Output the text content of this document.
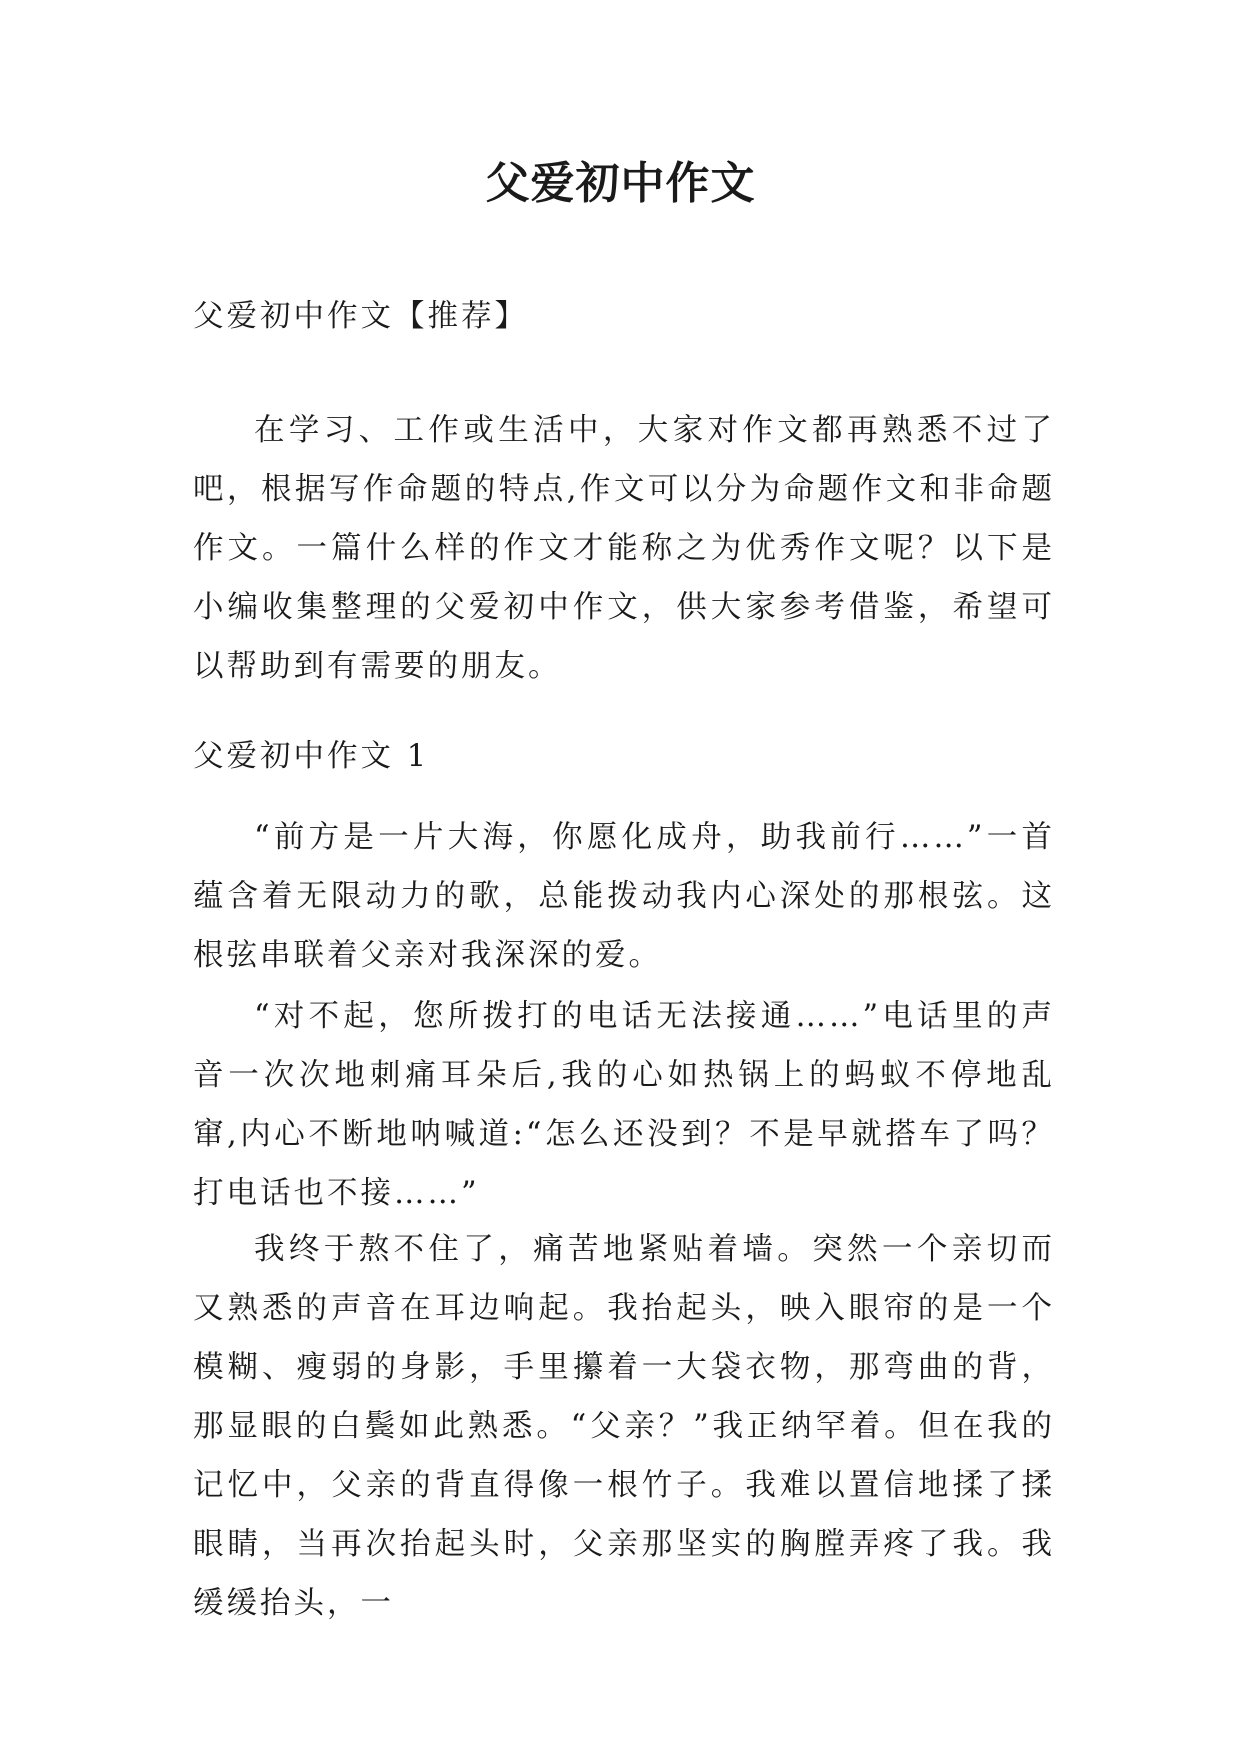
父爱初中作文

父爱初中作文【推荐】

在学习、工作或生活中，大家对作文都再熟悉不过了吧，根据写作命题的特点,作文可以分为命题作文和非命题作文。一篇什么样的作文才能称之为优秀作文呢？以下是小编收集整理的父爱初中作文，供大家参考借鉴，希望可以帮助到有需要的朋友。

父爱初中作文 1

“前方是一片大海，你愿化成舟，助我前行……”一首蕴含着无限动力的歌，总能拨动我内心深处的那根弦。这根弦串联着父亲对我深深的爱。

“对不起，您所拨打的电话无法接通……”电话里的声音一次次地刺痛耳朵后,我的心如热锅上的蚂蚁不停地乱窜,内心不断地呐喊道:“怎么还没到？不是早就搭车了吗？打电话也不接……”

我终于熬不住了，痛苦地紧贴着墙。突然一个亲切而又熟悉的声音在耳边响起。我抬起头，映入眼帘的是一个模糊、瘦弱的身影，手里攥着一大袋衣物，那弯曲的背，那显眼的白鬓如此熟悉。“父亲？”我正纳罕着。但在我的记忆中，父亲的背直得像一根竹子。我难以置信地揉了揉眼睛，当再次抬起头时，父亲那坚实的胸膛弄疼了我。我缓缓抬头，一
